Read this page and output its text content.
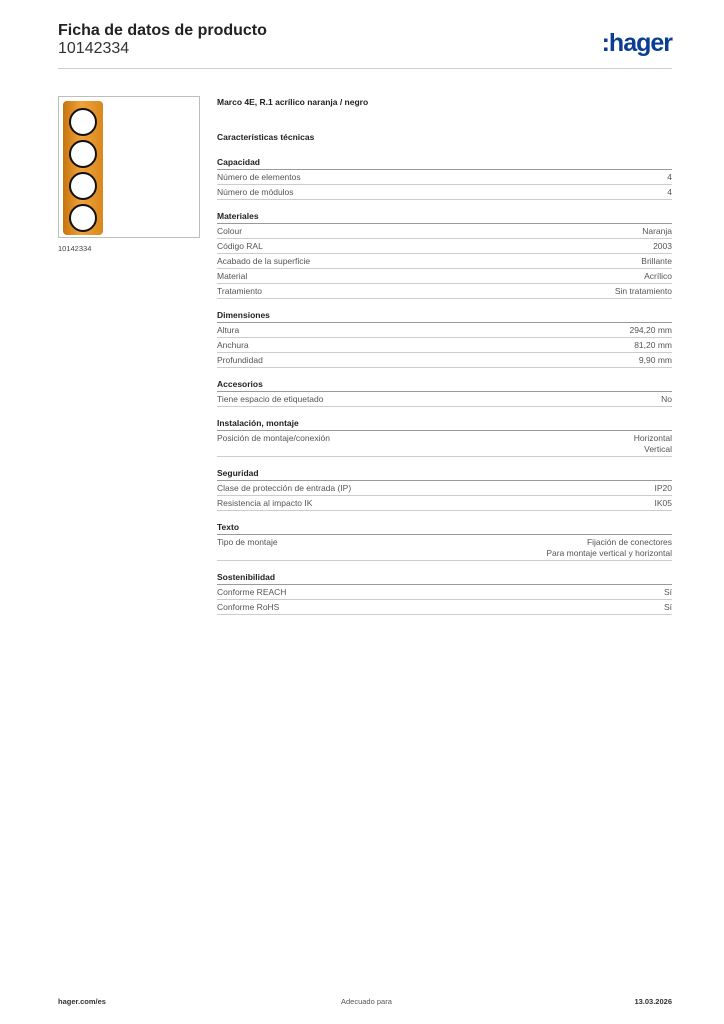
Ficha de datos de producto

10142334	:hager
10142334
Marco 4E, R.1 acrílico naranja / negro
Características técnicas
Capacidad
Número de elementos	4
Número de módulos	4
Materiales
Colour	Naranja
Código RAL	2003
Acabado de la superficie	Brillante
Material	Acrílico
Tratamiento	Sin tratamiento
Dimensiones
Altura	294,20 mm
Anchura	81,20 mm
Profundidad	9,90 mm
Accesorios
Tiene espacio de etiquetado	No
Instalación, montaje
Posición de montaje/conexión	Horizontal
Vertical
Seguridad
Clase de protección de entrada (IP)	IP20
Resistencia al impacto IK	IK05
Texto
Tipo de montaje	Fijación de conectores
Para montaje vertical y horizontal
Sostenibilidad
Conforme REACH	Sí
Conforme RoHS	Sí
hager.com/es	Adecuado para	13.03.2026
